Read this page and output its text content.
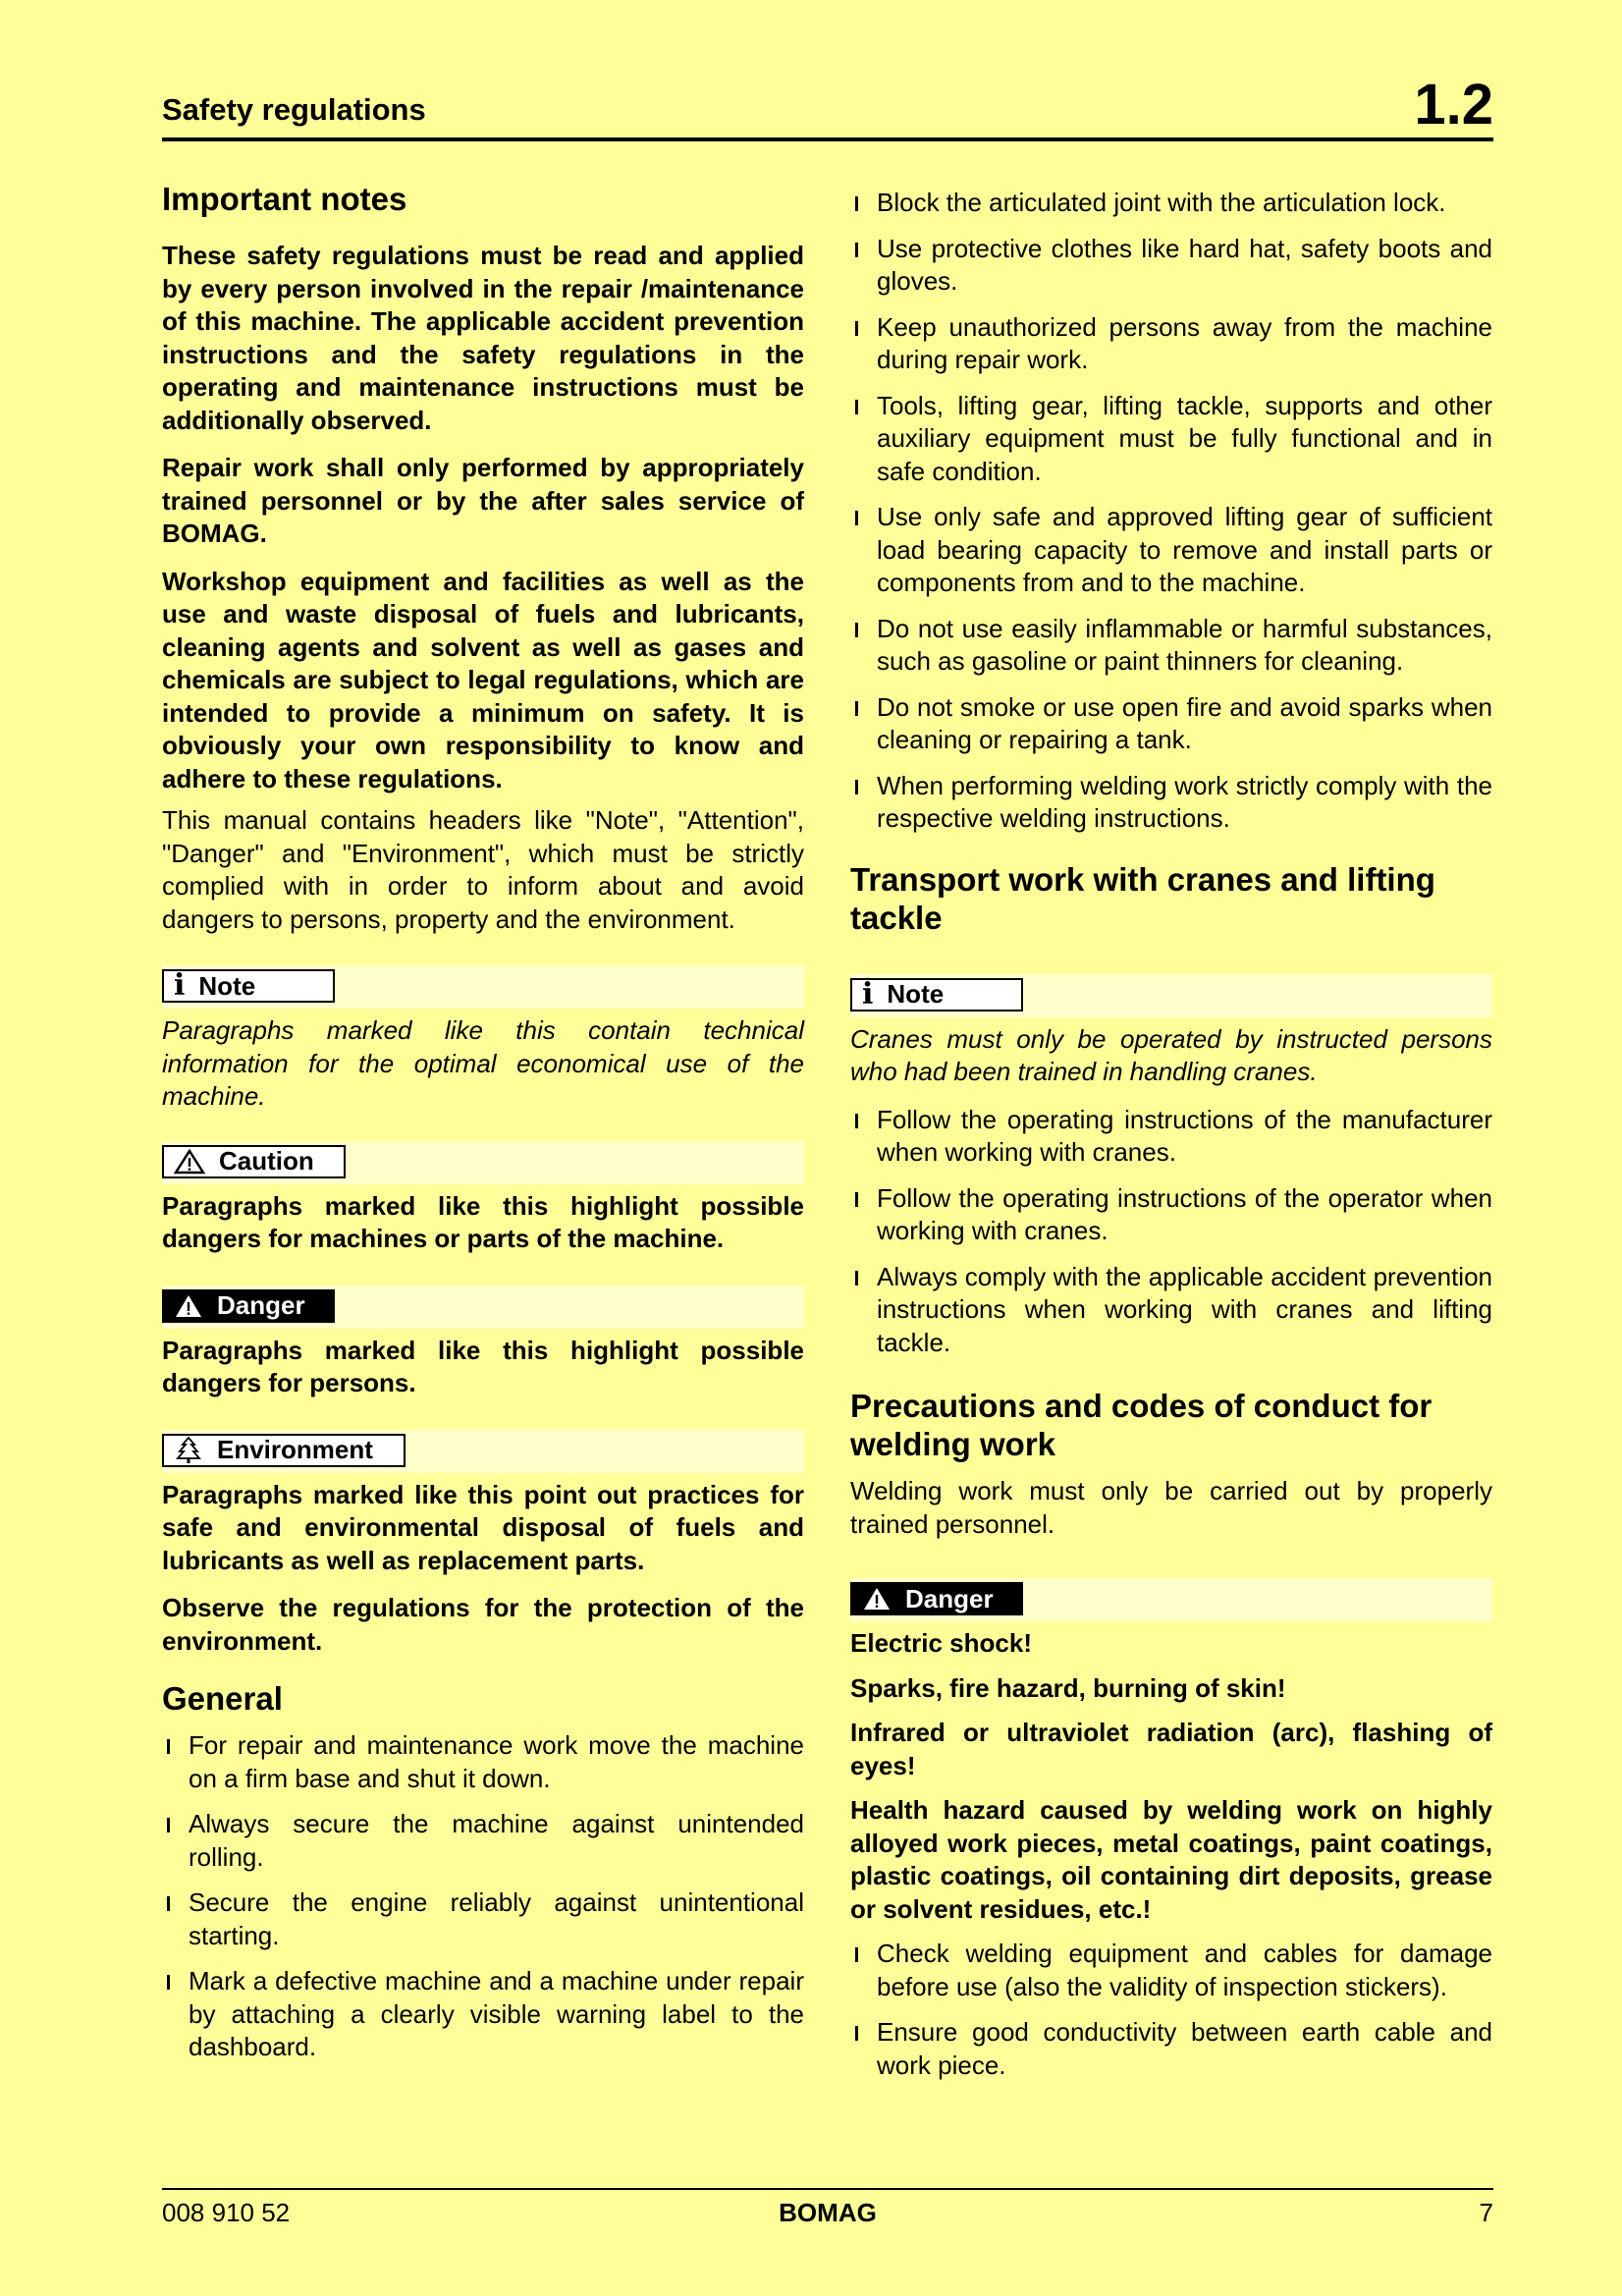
Safety regulations	1.2
Important notes

These safety regulations must be read and applied by every person involved in the repair /maintenance of this machine. The applicable accident prevention instructions and the safety regulations in the operating and maintenance instructions must be additionally observed.

Repair work shall only performed by appropriately trained personnel or by the after sales service of BOMAG.

Workshop equipment and facilities as well as the use and waste disposal of fuels and lubricants, cleaning agents and solvent as well as gases and chemicals are subject to legal regulations, which are intended to provide a minimum on safety. It is obviously your own responsibility to know and adhere to these regulations.

This manual contains headers like "Note", "Attention", "Danger" and "Environment", which must be strictly complied with in order to inform about and avoid dangers to persons, property and the environment.

i Note

Paragraphs marked like this contain technical information for the optimal economical use of the machine.

Caution

Paragraphs marked like this highlight possible dangers for machines or parts of the machine.

Danger

Paragraphs marked like this highlight possible dangers for persons.

Environment

Paragraphs marked like this point out practices for safe and environmental disposal of fuels and lubricants as well as replacement parts.

Observe the regulations for the protection of the environment.

General
For repair and maintenance work move the machine on a firm base and shut it down.
Always secure the machine against unintended rolling.
Secure the engine reliably against unintentional starting.
Mark a defective machine and a machine under repair by attaching a clearly visible warning label to the dashboard.
Block the articulated joint with the articulation lock.
Use protective clothes like hard hat, safety boots and gloves.
Keep unauthorized persons away from the machine during repair work.
Tools, lifting gear, lifting tackle, supports and other auxiliary equipment must be fully functional and in safe condition.
Use only safe and approved lifting gear of sufficient load bearing capacity to remove and install parts or components from and to the machine.
Do not use easily inflammable or harmful substances, such as gasoline or paint thinners for cleaning.
Do not smoke or use open fire and avoid sparks when cleaning or repairing a tank.
When performing welding work strictly comply with the respective welding instructions.
Transport work with cranes and lifting tackle
i Note

Cranes must only be operated by instructed persons who had been trained in handling cranes.

Follow the operating instructions of the manufacturer when working with cranes.
Follow the operating instructions of the operator when working with cranes.
Always comply with the applicable accident prevention instructions when working with cranes and lifting tackle.
Precautions and codes of conduct for welding work

Welding work must only be carried out by properly trained personnel.

Danger

Electric shock!

Sparks, fire hazard, burning of skin!

Infrared or ultraviolet radiation (arc), flashing of eyes!

Health hazard caused by welding work on highly alloyed work pieces, metal coatings, paint coatings, plastic coatings, oil containing dirt deposits, grease or solvent residues, etc.!

Check welding equipment and cables for damage before use (also the validity of inspection stickers).
Ensure good conductivity between earth cable and work piece.
008 910 52	BOMAG	7
